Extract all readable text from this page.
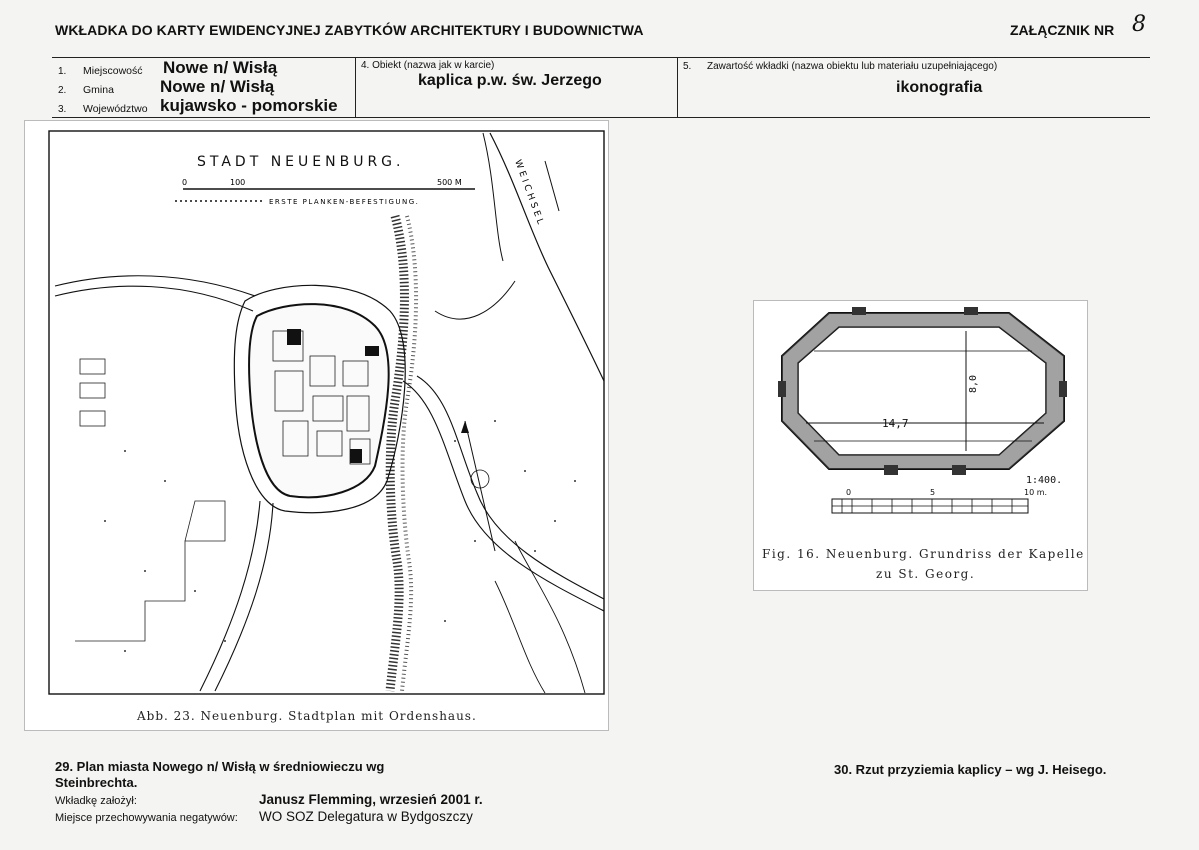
WKŁADKA DO KARTY EWIDENCYJNEJ ZABYTKÓW ARCHITEKTURY I BUDOWNICTWA	ZAŁĄCZNIK NR 8
1. Miejscowość Nowe n/ Wisłą
2. Gmina	Nowe n/ Wisłą
3. Województwo kujawsko - pomorskie
4. Obiekt (nazwa jak w karcie)
kaplica p.w. św. Jerzego
5. Zawartość wkładki (nazwa obiektu lub materiału uzupełniającego)
ikonografia
STADT NEUENBURG.
0	100	500 M
ERSTE PLANKEN-BEFESTIGUNG.	WEICHSEL
Abb. 23. Neuenburg. Stadtplan mit Ordenshaus.
14,7
8,0
1:400.
0	5	10 m.
Fig. 16. Neuenburg. Grundriss der Kapelle
zu St. Georg.
29. Plan miasta Nowego n/ Wisłą w średniowieczu wg
Steinbrechta.
30. Rzut przyziemia kaplicy – wg J. Heisego.
Wkładkę założył:	Janusz Flemming, wrzesień 2001 r.
Miejsce przechowywania negatywów: WO SOZ Delegatura w Bydgoszczy
